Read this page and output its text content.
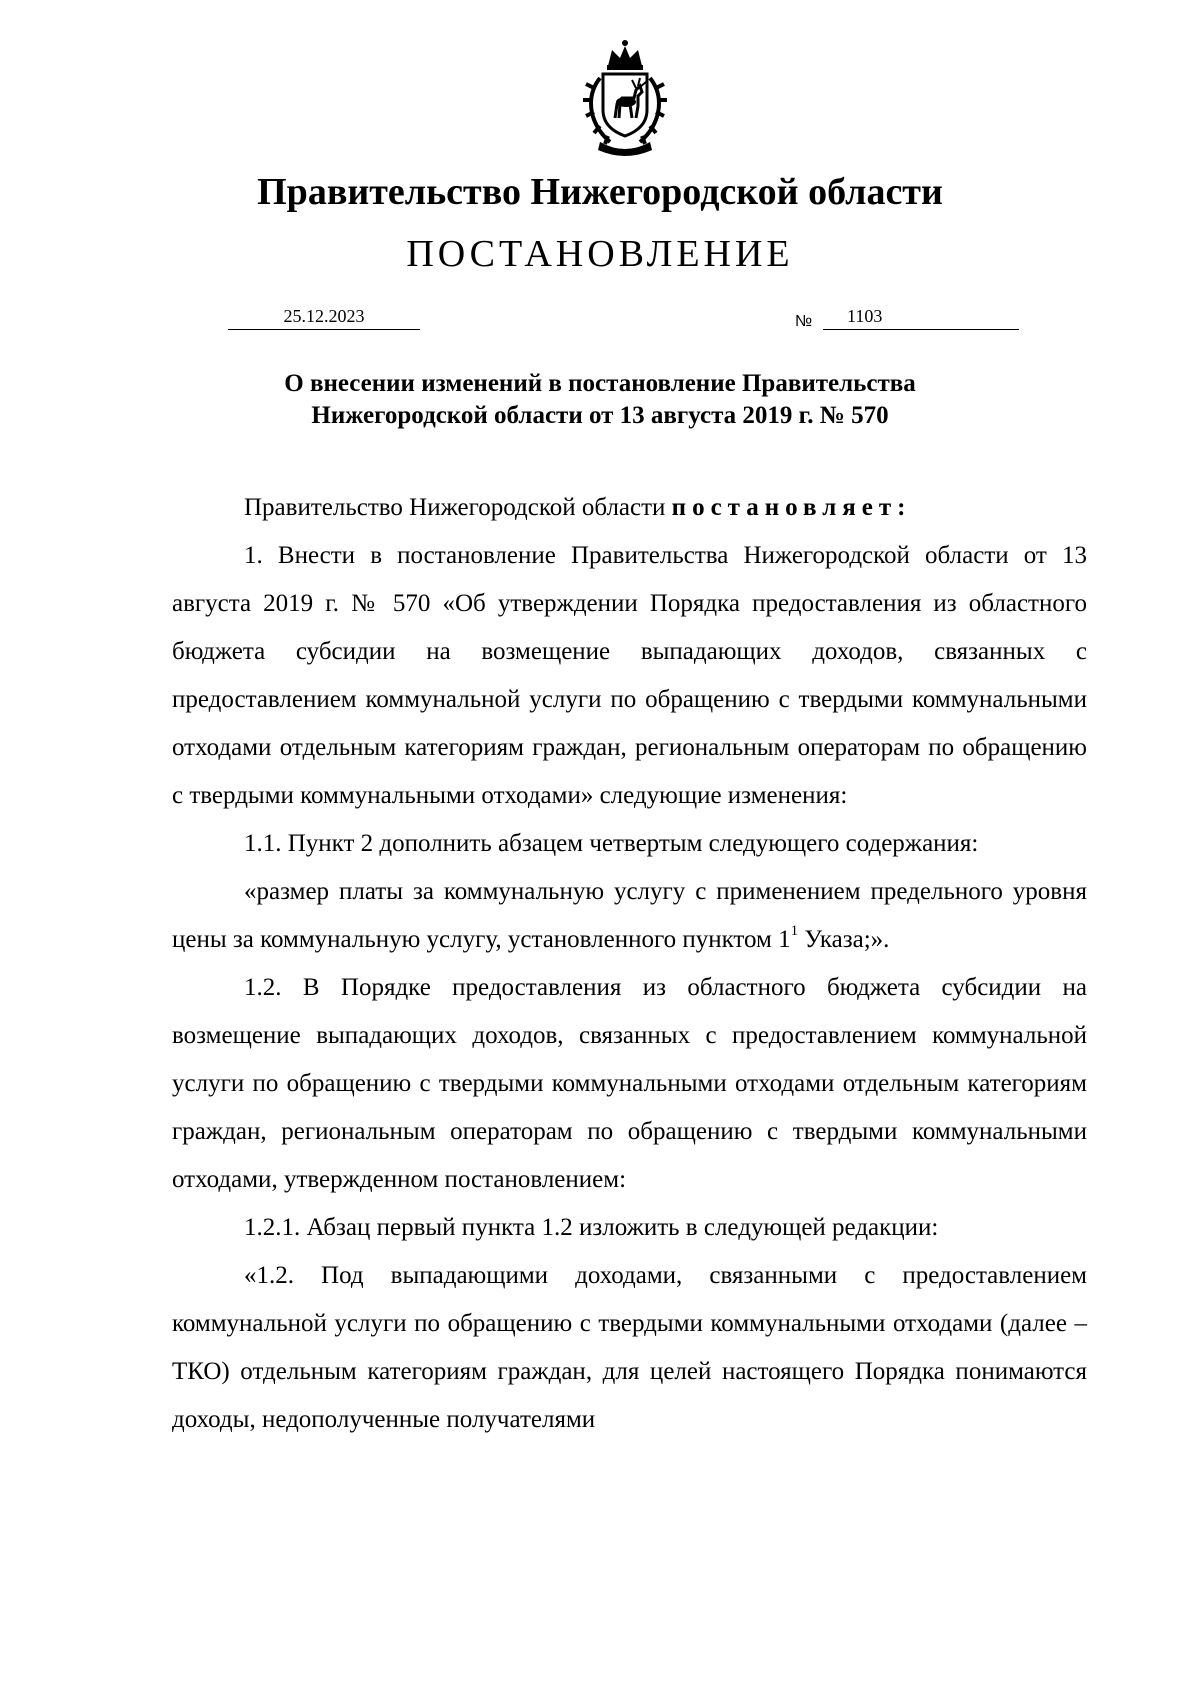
Правительство Нижегородской области
ПОСТАНОВЛЕНИЕ
25.12.2023	№ 1103
О внесении изменений в постановление Правительства
Нижегородской области от 13 августа 2019 г. № 570

Правительство Нижегородской области постановляет:

1. Внести в постановление Правительства Нижегородской области от 13 августа 2019 г. № 570 «Об утверждении Порядка предоставления из областного бюджета субсидии на возмещение выпадающих доходов, связанных с предоставлением коммунальной услуги по обращению с твердыми коммунальными отходами отдельным категориям граждан, региональным операторам по обращению с твердыми коммунальными отходами» следующие изменения:

1.1. Пункт 2 дополнить абзацем четвертым следующего содержания:

«размер платы за коммунальную услугу с применением предельного уровня цены за коммунальную услугу, установленного пунктом $1^1$ Указа;».

1.2. В Порядке предоставления из областного бюджета субсидии на возмещение выпадающих доходов, связанных с предоставлением коммунальной услуги по обращению с твердыми коммунальными отходами отдельным категориям граждан, региональным операторам по обращению с твердыми коммунальными отходами, утвержденном постановлением:

1.2.1. Абзац первый пункта 1.2 изложить в следующей редакции:

«1.2. Под выпадающими доходами, связанными с предоставлением коммунальной услуги по обращению с твердыми коммунальными отходами (далее – ТКО) отдельным категориям граждан, для целей настоящего Порядка понимаются доходы, недополученные получателями
